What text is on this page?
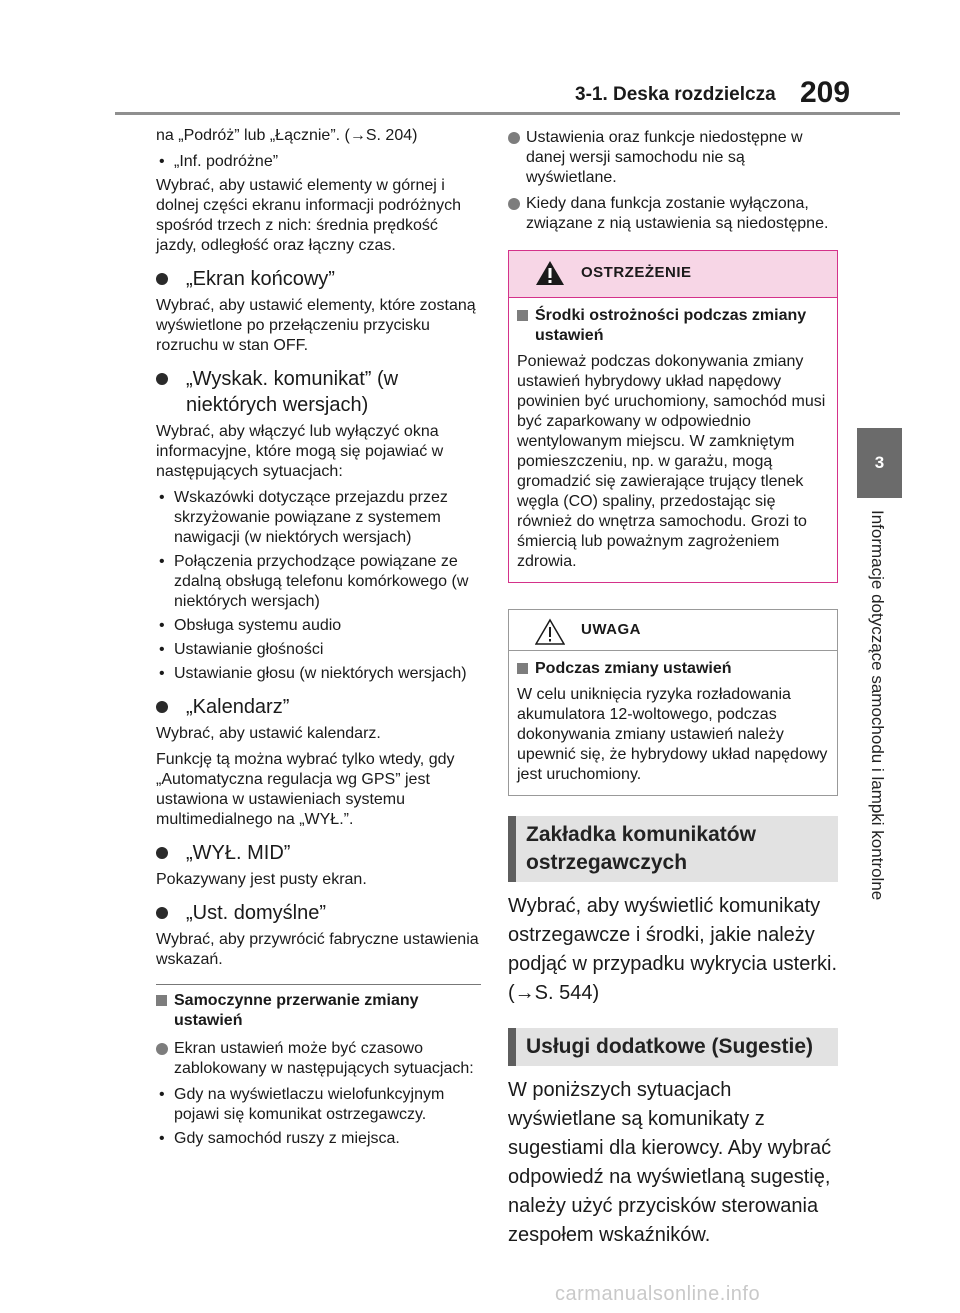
3-1. Deska rozdzielcza 209
3
Informacje dotyczące samochodu i lampki kontrolne

na „Podróż” lub „Łącznie”. (→S. 204)

• „Inf. podróżne”

Wybrać, aby ustawić elementy w górnej i dolnej części ekranu informacji podróżnych spośród trzech z nich: średnia prędkość jazdy, odległość oraz łączny czas.

„Ekran końcowy”

Wybrać, aby ustawić elementy, które zostaną wyświetlone po przełączeniu przycisku rozruchu w stan OFF.

„Wyskak. komunikat” (w niektórych wersjach)

Wybrać, aby włączyć lub wyłączyć okna informacyjne, które mogą się pojawiać w następujących sytuacjach:

• Wskazówki dotyczące przejazdu przez skrzyżowanie powiązane z systemem nawigacji (w niektórych wersjach)
• Połączenia przychodzące powiązane ze zdalną obsługą telefonu komórkowego (w niektórych wersjach)
• Obsługa systemu audio
• Ustawianie głośności
• Ustawianie głosu (w niektórych wersjach)
„Kalendarz”

Wybrać, aby ustawić kalendarz.

Funkcję tą można wybrać tylko wtedy, gdy „Automatyczna regulacja wg GPS” jest ustawiona w ustawieniach systemu multimedialnego na „WYŁ.”.

„WYŁ. MID”

Pokazywany jest pusty ekran.

„Ust. domyślne”

Wybrać, aby przywrócić fabryczne ustawienia wskazań.

Samoczynne przerwanie zmiany ustawień
Ekran ustawień może być czasowo zablokowany w następujących sytuacjach:
• Gdy na wyświetlaczu wielofunkcyjnym pojawi się komunikat ostrzegawczy.
• Gdy samochód ruszy z miejsca.
Ustawienia oraz funkcje niedostępne w danej wersji samochodu nie są wyświetlane.
Kiedy dana funkcja zostanie wyłączona, związane z nią ustawienia są niedostępne.
OSTRZEŻENIE
Środki ostrożności podczas zmiany ustawień

Ponieważ podczas dokonywania zmiany ustawień hybrydowy układ napędowy powinien być uruchomiony, samochód musi być zaparkowany w odpowiednio wentylowanym miejscu. W zamkniętym pomieszczeniu, np. w garażu, mogą gromadzić się zawierające trujący tlenek węgla (CO) spaliny, przedostając się również do wnętrza samochodu. Grozi to śmiercią lub poważnym zagrożeniem zdrowia.

UWAGA
Podczas zmiany ustawień

W celu uniknięcia ryzyka rozładowania akumulatora 12-woltowego, podczas dokonywania zmiany ustawień należy upewnić się, że hybrydowy układ napędowy jest uruchomiony.

Zakładka komunikatów ostrzegawczych

Wybrać, aby wyświetlić komunikaty ostrzegawcze i środki, jakie należy podjąć w przypadku wykrycia usterki. (→S. 544)

Usługi dodatkowe (Sugestie)

W poniższych sytuacjach wyświetlane są komunikaty z sugestiami dla kierowcy. Aby wybrać odpowiedź na wyświetlaną sugestię, należy użyć przycisków sterowania zespołem wskaźników.

carmanualsonline.info
